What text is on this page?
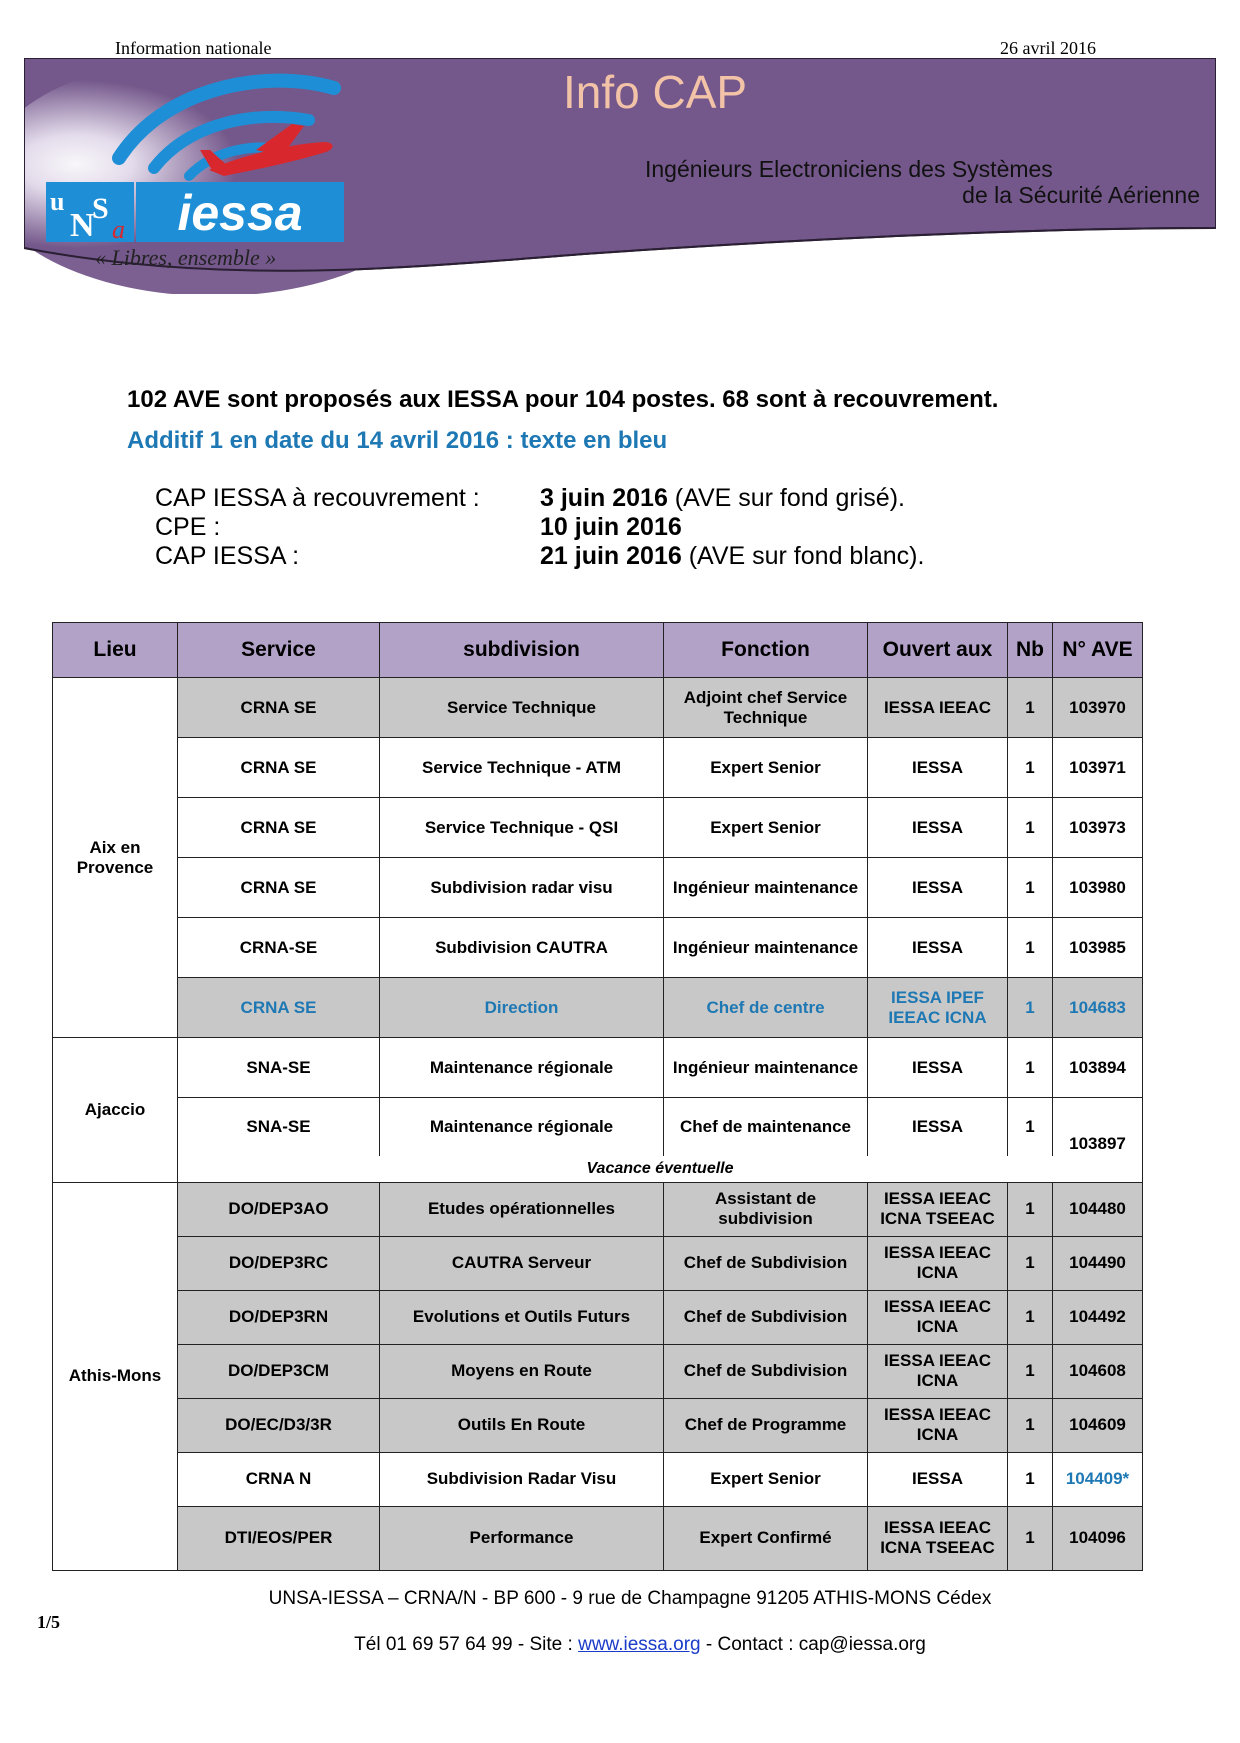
Information nationale	26 avril 2016
u
N
S
a iessa
Info CAP
Ingénieurs Electroniciens des Systèmes
de la Sécurité Aérienne
« Libres, ensemble »
102 AVE sont proposés aux IESSA pour 104 postes. 68 sont à recouvrement.
Additif 1 en date du 14 avril 2016 : texte en bleu
CAP IESSA à recouvrement :	3 juin 2016 (AVE sur fond grisé).
CPE :	10 juin 2016
CAP IESSA :	21 juin 2016 (AVE sur fond blanc).
Lieu	Service	subdivision	Fonction	Ouvert aux	Nb	N° AVE
Aix en Provence	CRNA SE	Service Technique	Adjoint chef Service Technique	IESSA IEEAC	1	103970
	CRNA SE	Service Technique - ATM	Expert Senior	IESSA	1	103971
	CRNA SE	Service Technique - QSI	Expert Senior	IESSA	1	103973
	CRNA SE	Subdivision radar visu	Ingénieur maintenance	IESSA	1	103980
	CRNA-SE	Subdivision CAUTRA	Ingénieur maintenance	IESSA	1	103985
	CRNA SE	Direction	Chef de centre	IESSA IPEF IEEAC ICNA	1	104683
Ajaccio	SNA-SE	Maintenance régionale	Ingénieur maintenance	IESSA	1	103894
	SNA-SE	Maintenance régionale	Chef de maintenance	IESSA	1	103897
	Vacance éventuelle					
Athis-Mons	DO/DEP3AO	Etudes opérationnelles	Assistant de subdivision	IESSA IEEAC ICNA TSEEAC	1	104480
	DO/DEP3RC	CAUTRA Serveur	Chef de Subdivision	IESSA IEEAC ICNA	1	104490
	DO/DEP3RN	Evolutions et Outils Futurs	Chef de Subdivision	IESSA IEEAC ICNA	1	104492
	DO/DEP3CM	Moyens en Route	Chef de Subdivision	IESSA IEEAC ICNA	1	104608
	DO/EC/D3/3R	Outils En Route	Chef de Programme	IESSA IEEAC ICNA	1	104609
	CRNA N	Subdivision Radar Visu	Expert Senior	IESSA	1	104409*
	DTI/EOS/PER	Performance	Expert Confirmé	IESSA IEEAC ICNA TSEEAC	1	104096
UNSA-IESSA – CRNA/N - BP 600 - 9 rue de Champagne 91205 ATHIS-MONS Cédex
1/5
Tél 01 69 57 64 99 - Site : www.iessa.org - Contact : cap@iessa.org
